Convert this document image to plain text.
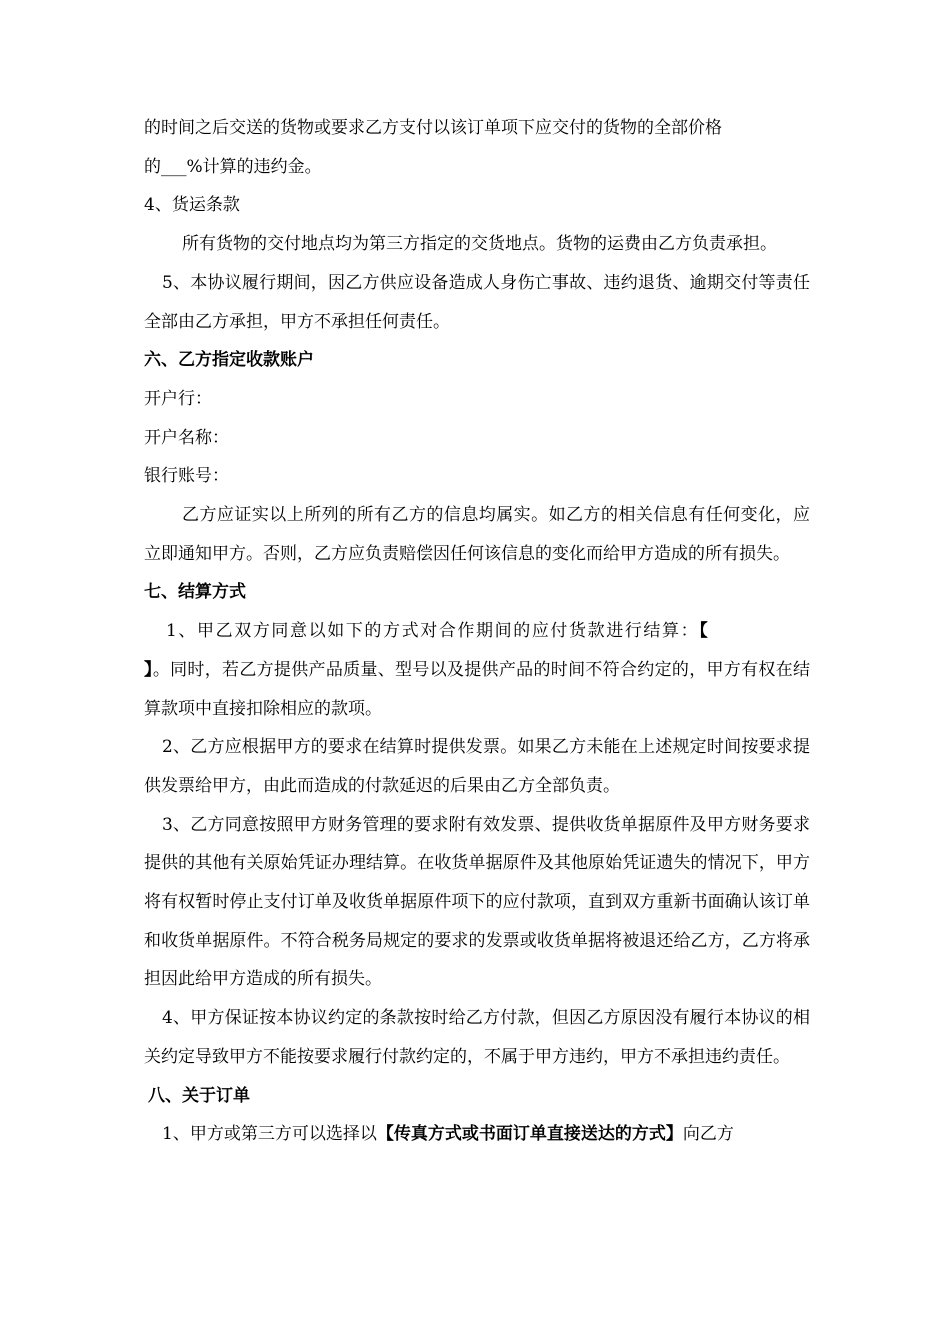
的时间之后交送的货物或要求乙方支付以该订单项下应交付的货物的全部价格
的___%计算的违约金。

4、货运条款

所有货物的交付地点均为第三方指定的交货地点。货物的运费由乙方负责承担。

5、本协议履行期间，因乙方供应设备造成人身伤亡事故、违约退货、逾期交付等责任全部由乙方承担，甲方不承担任何责任。

六、乙方指定收款账户

开户行：

开户名称：

银行账号：

乙方应证实以上所列的所有乙方的信息均属实。如乙方的相关信息有任何变化，应立即通知甲方。否则，乙方应负责赔偿因任何该信息的变化而给甲方造成的所有损失。

七、结算方式

1、甲乙双方同意以如下的方式对合作期间的应付货款进行结算：【
】。同时，若乙方提供产品质量、型号以及提供产品的时间不符合约定的，甲方有权在结算款项中直接扣除相应的款项。

2、乙方应根据甲方的要求在结算时提供发票。如果乙方未能在上述规定时间按要求提供发票给甲方，由此而造成的付款延迟的后果由乙方全部负责。

3、乙方同意按照甲方财务管理的要求附有效发票、提供收货单据原件及甲方财务要求提供的其他有关原始凭证办理结算。在收货单据原件及其他原始凭证遗失的情况下，甲方将有权暂时停止支付订单及收货单据原件项下的应付款项，直到双方重新书面确认该订单和收货单据原件。不符合税务局规定的要求的发票或收货单据将被退还给乙方，乙方将承担因此给甲方造成的所有损失。

4、甲方保证按本协议约定的条款按时给乙方付款，但因乙方原因没有履行本协议的相关约定导致甲方不能按要求履行付款约定的，不属于甲方违约，甲方不承担违约责任。

八、关于订单

1、甲方或第三方可以选择以【传真方式或书面订单直接送达的方式】向乙方
